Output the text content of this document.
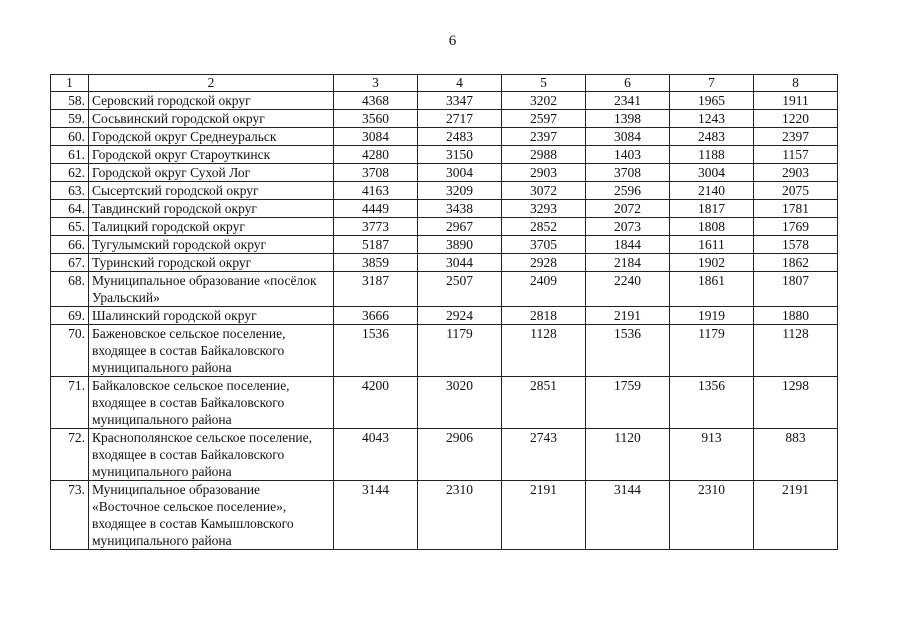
6
1	2	3	4	5	6	7	8
58.	Серовский городской округ	4368	3347	3202	2341	1965	1911
59.	Сосьвинский городской округ	3560	2717	2597	1398	1243	1220
60.	Городской округ Среднеуральск	3084	2483	2397	3084	2483	2397
61.	Городской округ Староуткинск	4280	3150	2988	1403	1188	1157
62.	Городской округ Сухой Лог	3708	3004	2903	3708	3004	2903
63.	Сысертский городской округ	4163	3209	3072	2596	2140	2075
64.	Тавдинский городской округ	4449	3438	3293	2072	1817	1781
65.	Талицкий городской округ	3773	2967	2852	2073	1808	1769
66.	Тугулымский городской округ	5187	3890	3705	1844	1611	1578
67.	Туринский городской округ	3859	3044	2928	2184	1902	1862
68.	Муниципальное образование «посёлок Уральский»	3187	2507	2409	2240	1861	1807
69.	Шалинский городской округ	3666	2924	2818	2191	1919	1880
70.	Баженовское сельское поселение, входящее в состав Байкаловского муниципального района	1536	1179	1128	1536	1179	1128
71.	Байкаловское сельское поселение, входящее в состав Байкаловского муниципального района	4200	3020	2851	1759	1356	1298
72.	Краснополянское сельское поселение, входящее в состав Байкаловского муниципального района	4043	2906	2743	1120	913	883
73.	Муниципальное образование «Восточное сельское поселение», входящее в состав Камышловского муниципального района	3144	2310	2191	3144	2310	2191
